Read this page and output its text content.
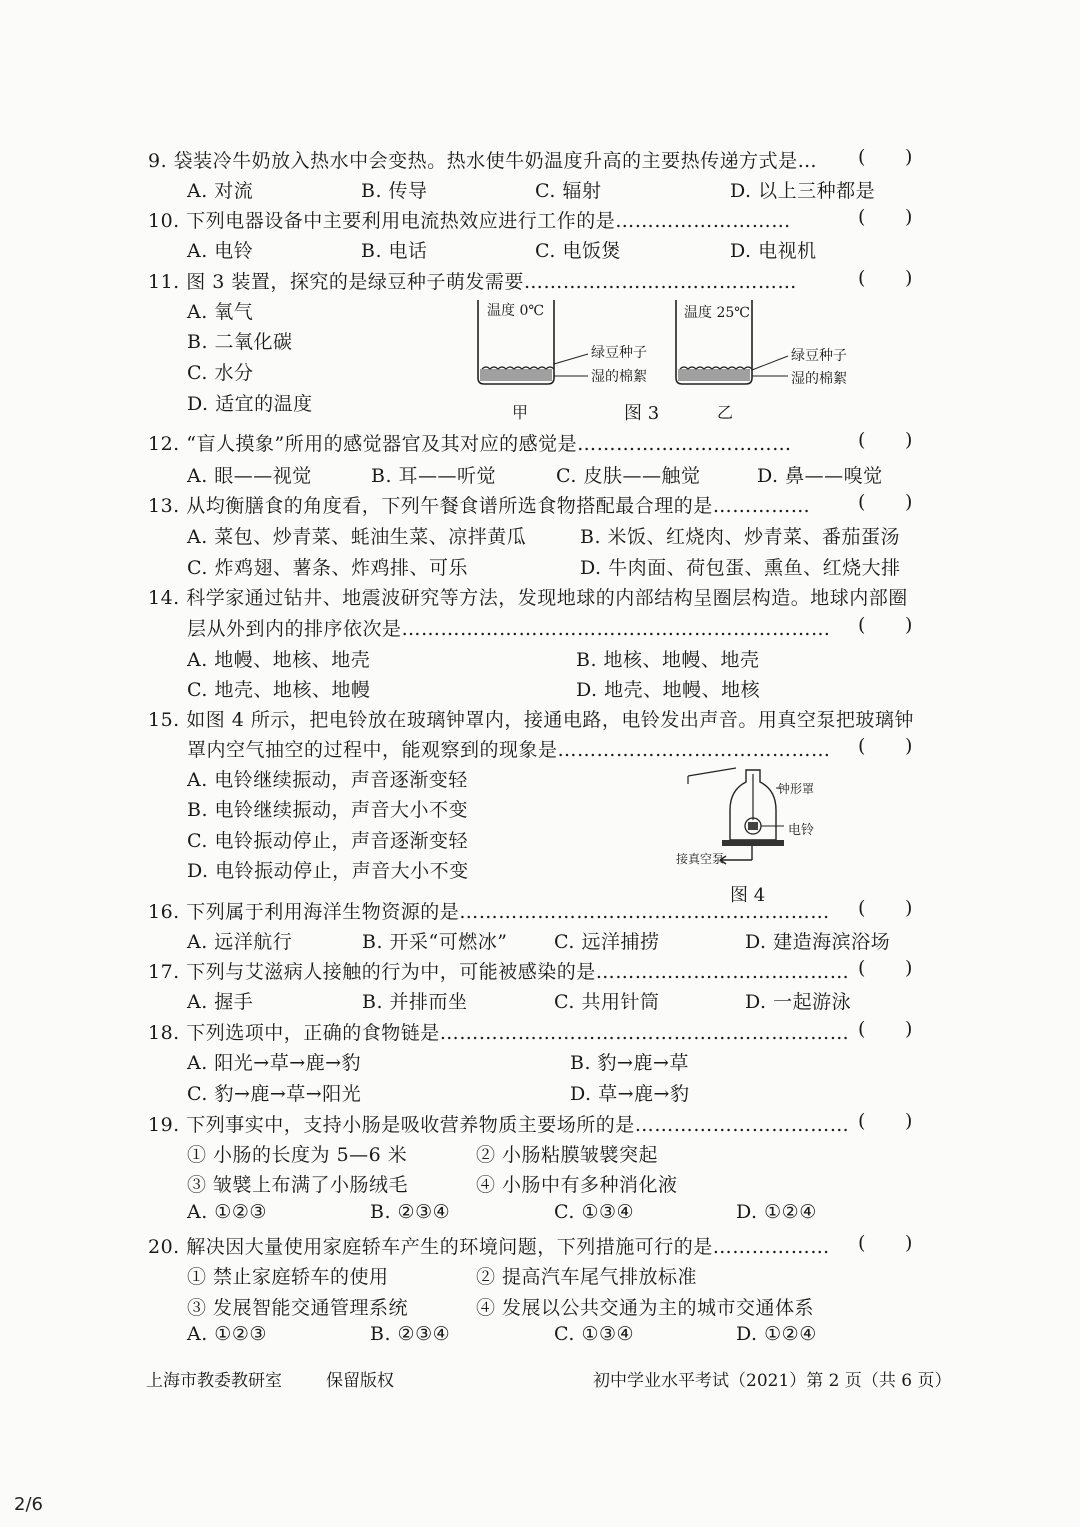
9. 袋装冷牛奶放入热水中会变热。热水使牛奶温度升高的主要热传递方式是… ( )
A. 对流	B. 传导	C. 辐射	D. 以上三种都是
10. 下列电器设备中主要利用电流热效应进行工作的是………………………	( )
A. 电铃	B. 电话	C. 电饭煲	D. 电视机
11. 图 3 装置，探究的是绿豆种子萌发需要……………………………………	( )
A. 氧气
B. 二氧化碳
C. 水分
D. 适宜的温度
温度 0℃	温度 25℃
绿豆种子
湿的棉絮
绿豆种子
湿的棉絮
甲	图 3	乙
12. “盲人摸象”所用的感觉器官及其对应的感觉是……………………………	( )
A. 眼——视觉	B. 耳——听觉	C. 皮肤——触觉	D. 鼻——嗅觉
13. 从均衡膳食的角度看，下列午餐食谱所选食物搭配最合理的是……………	( )
A. 菜包、炒青菜、蚝油生菜、凉拌黄瓜	B. 米饭、红烧肉、炒青菜、番茄蛋汤
C. 炸鸡翅、薯条、炸鸡排、可乐	D. 牛肉面、荷包蛋、熏鱼、红烧大排
14. 科学家通过钻井、地震波研究等方法，发现地球的内部结构呈圈层构造。地球内部圈
层从外到内的排序依次是………………………………………………………… ( )
A. 地幔、地核、地壳	B. 地核、地幔、地壳
C. 地壳、地核、地幔	D. 地壳、地幔、地核
15. 如图 4 所示，把电铃放在玻璃钟罩内，接通电路，电铃发出声音。用真空泵把玻璃钟
罩内空气抽空的过程中，能观察到的现象是…………………………………… ( )
A. 电铃继续振动，声音逐渐变轻
B. 电铃继续振动，声音大小不变
C. 电铃振动停止，声音逐渐变轻
D. 电铃振动停止，声音大小不变
钟形罩
电铃
接真空泵
图 4
16. 下列属于利用海洋生物资源的是………………………………………………… ( )
A. 远洋航行	B. 开采“可燃冰” C. 远洋捕捞	D. 建造海滨浴场
17. 下列与艾滋病人接触的行为中，可能被感染的是………………………………… ( )
A. 握手	B. 并排而坐	C. 共用针筒	D. 一起游泳
18. 下列选项中，正确的食物链是……………………………………………………… ( )
A. 阳光→草→鹿→豹	B. 豹→鹿→草
C. 豹→鹿→草→阳光	D. 草→鹿→豹
19. 下列事实中，支持小肠是吸收营养物质主要场所的是…………………………… ( )
① 小肠的长度为 5—6 米	② 小肠粘膜皱襞突起
③ 皱襞上布满了小肠绒毛	④ 小肠中有多种消化液
A. ①②③	B. ②③④	C. ①③④	D. ①②④
20. 解决因大量使用家庭轿车产生的环境问题，下列措施可行的是……………… ( )
① 禁止家庭轿车的使用	② 提高汽车尾气排放标准
③ 发展智能交通管理系统	④ 发展以公共交通为主的城市交通体系
A. ①②③	B. ②③④	C. ①③④	D. ①②④
上海市教委教研室	保留版权	初中学业水平考试（2021）第 2 页（共 6 页）
2/6
